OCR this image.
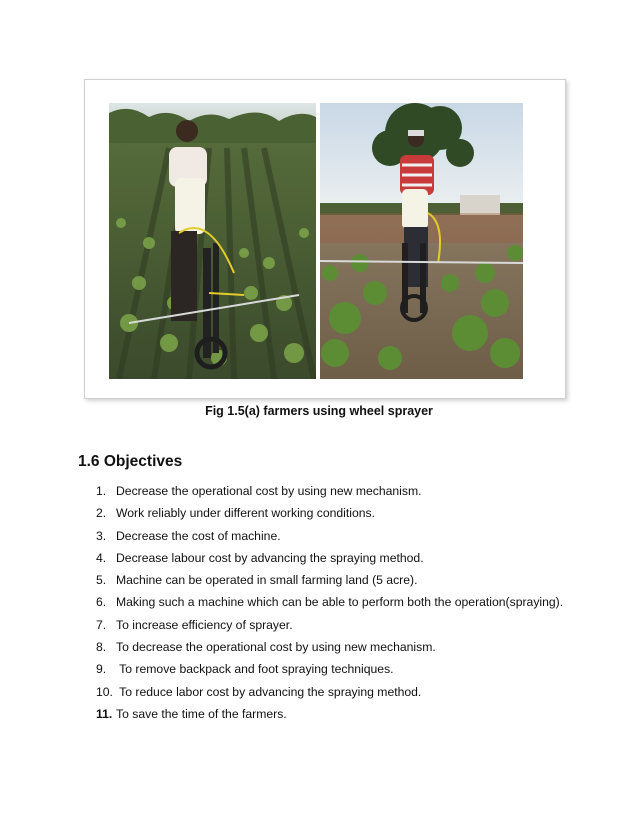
Fig 1.5(a) farmers using wheel sprayer
1.6 Objectives
1. Decrease the operational cost by using new mechanism.
2. Work reliably under different working conditions.
3. Decrease the cost of machine.
4. Decrease labour cost by advancing the spraying method.
5. Machine can be operated in small farming land (5 acre).
6. Making such a machine which can be able to perform both the operation(spraying).
7. To increase efficiency of sprayer.
8. To decrease the operational cost by using new mechanism.
9. To remove backpack and foot spraying techniques.
10. To reduce labor cost by advancing the spraying method.
11. To save the time of the farmers.
